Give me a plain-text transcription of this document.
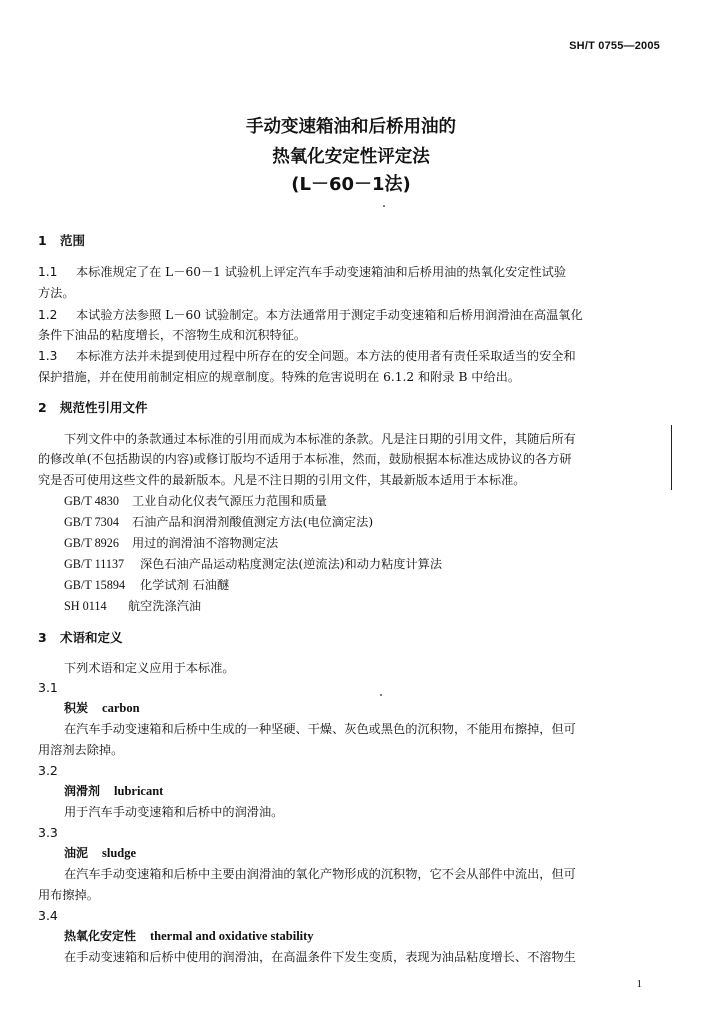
SH/T 0755—2005
手动变速箱油和后桥用油的
热氧化安定性评定法
(L－60－1法)
1 范围
1.1 本标准规定了在 L－60－1 试验机上评定汽车手动变速箱油和后桥用油的热氧化安定性试验
方法。
1.2 本试验方法参照 L－60 试验制定。本方法通常用于测定手动变速箱和后桥用润滑油在高温氧化
条件下油品的粘度增长，不溶物生成和沉积特征。
1.3 本标准方法并未提到使用过程中所存在的安全问题。本方法的使用者有责任采取适当的安全和
保护措施，并在使用前制定相应的规章制度。特殊的危害说明在 6.1.2 和附录 B 中给出。
2 规范性引用文件
下列文件中的条款通过本标准的引用而成为本标准的条款。凡是注日期的引用文件，其随后所有
的修改单(不包括勘误的内容)或修订版均不适用于本标准，然而，鼓励根据本标准达成协议的各方研
究是否可使用这些文件的最新版本。凡是不注日期的引用文件，其最新版本适用于本标准。
GB/T 4830 工业自动化仪表气源压力范围和质量
GB/T 7304 石油产品和润滑剂酸值测定方法(电位滴定法)
GB/T 8926 用过的润滑油不溶物测定法
GB/T 11137 深色石油产品运动粘度测定法(逆流法)和动力粘度计算法
GB/T 15894 化学试剂 石油醚
SH 0114 航空洗涤汽油
3 术语和定义
下列术语和定义应用于本标准。
3.1
积炭 carbon
在汽车手动变速箱和后桥中生成的一种坚硬、干燥、灰色或黑色的沉积物，不能用布擦掉，但可
用溶剂去除掉。
3.2
润滑剂 lubricant
用于汽车手动变速箱和后桥中的润滑油。
3.3
油泥 sludge
在汽车手动变速箱和后桥中主要由润滑油的氧化产物形成的沉积物，它不会从部件中流出，但可
用布擦掉。
3.4
热氧化安定性 thermal and oxidative stability
在手动变速箱和后桥中使用的润滑油，在高温条件下发生变质，表现为油品粘度增长、不溶物生
1
